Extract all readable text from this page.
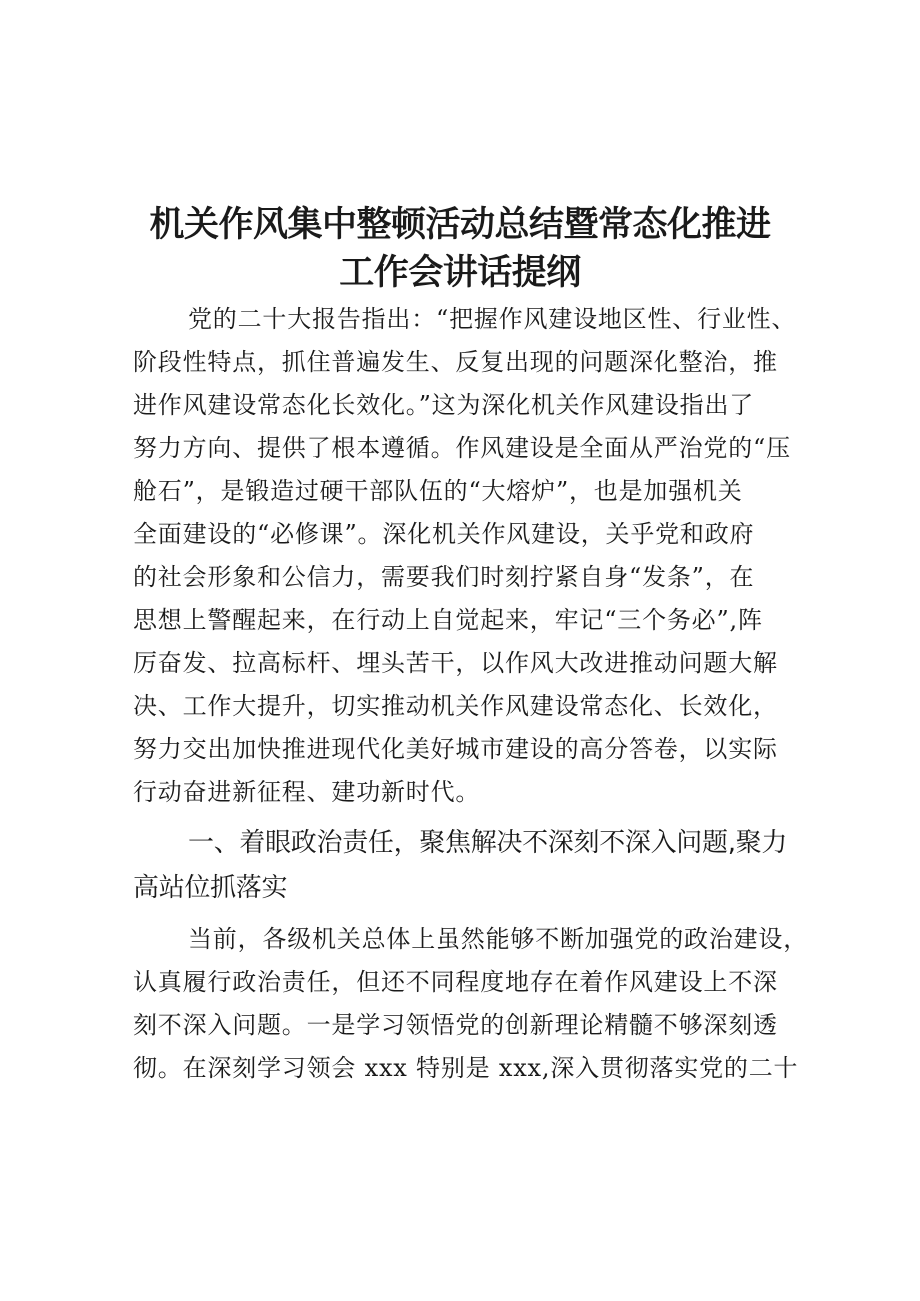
机关作风集中整顿活动总结暨常态化推进
工作会讲话提纲
党的二十大报告指出：“把握作风建设地区性、行业性、
阶段性特点，抓住普遍发生、反复出现的问题深化整治，推
进作风建设常态化长效化。”这为深化机关作风建设指出了
努力方向、提供了根本遵循。作风建设是全面从严治党的“压
舱石”，是锻造过硬干部队伍的“大熔炉”，也是加强机关
全面建设的“必修课”。深化机关作风建设，关乎党和政府
的社会形象和公信力，需要我们时刻拧紧自身“发条”，在
思想上警醒起来，在行动上自觉起来，牢记“三个务必”,阵
厉奋发、拉高标杆、埋头苦干，以作风大改进推动问题大解
决、工作大提升，切实推动机关作风建设常态化、长效化，
努力交出加快推进现代化美好城市建设的高分答卷，以实际
行动奋进新征程、建功新时代。
一、着眼政治责任，聚焦解决不深刻不深入问题,聚力
高站位抓落实
当前，各级机关总体上虽然能够不断加强党的政治建设，
认真履行政治责任，但还不同程度地存在着作风建设上不深
刻不深入问题。一是学习领悟党的创新理论精髓不够深刻透
彻。在深刻学习领会 xxx 特别是 xxx,深入贯彻落实党的二十
